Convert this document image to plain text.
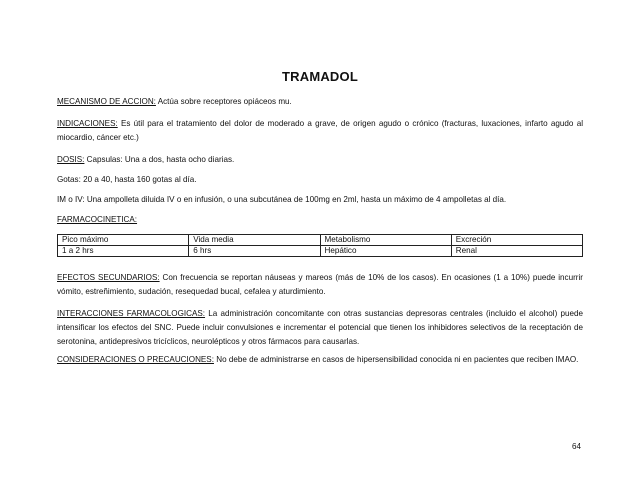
TRAMADOL
MECANISMO DE ACCION: Actúa sobre receptores opiáceos mu.
INDICACIONES: Es útil para el tratamiento del dolor de moderado a grave, de origen agudo o crónico (fracturas, luxaciones, infarto agudo al miocardio, cáncer etc.)
DOSIS: Capsulas: Una a dos, hasta ocho diarias.
Gotas: 20 a 40, hasta 160 gotas al día.
IM o IV: Una ampolleta diluida IV o en infusión, o una subcutánea de 100mg en 2ml, hasta un máximo de 4 ampolletas al día.
FARMACOCINETICA:
Pico máximo	Vida media	Metabolismo	Excreción
1 a 2 hrs	6 hrs	Hepático	Renal
EFECTOS SECUNDARIOS: Con frecuencia se reportan náuseas y mareos (más de 10% de los casos). En ocasiones (1 a 10%) puede incurrir vómito, estreñimiento, sudación, resequedad bucal, cefalea y aturdimiento.
INTERACCIONES FARMACOLOGICAS: La administración concomitante con otras sustancias depresoras centrales (incluido el alcohol) puede intensificar los efectos del SNC. Puede incluir convulsiones e incrementar el potencial que tienen los inhibidores selectivos de la receptación de serotonina, antidepresivos tricíclicos, neurolépticos y otros fármacos para causarlas.
CONSIDERACIONES O PRECAUCIONES: No debe de administrarse en casos de hipersensibilidad conocida ni en pacientes que reciben IMAO.
64
